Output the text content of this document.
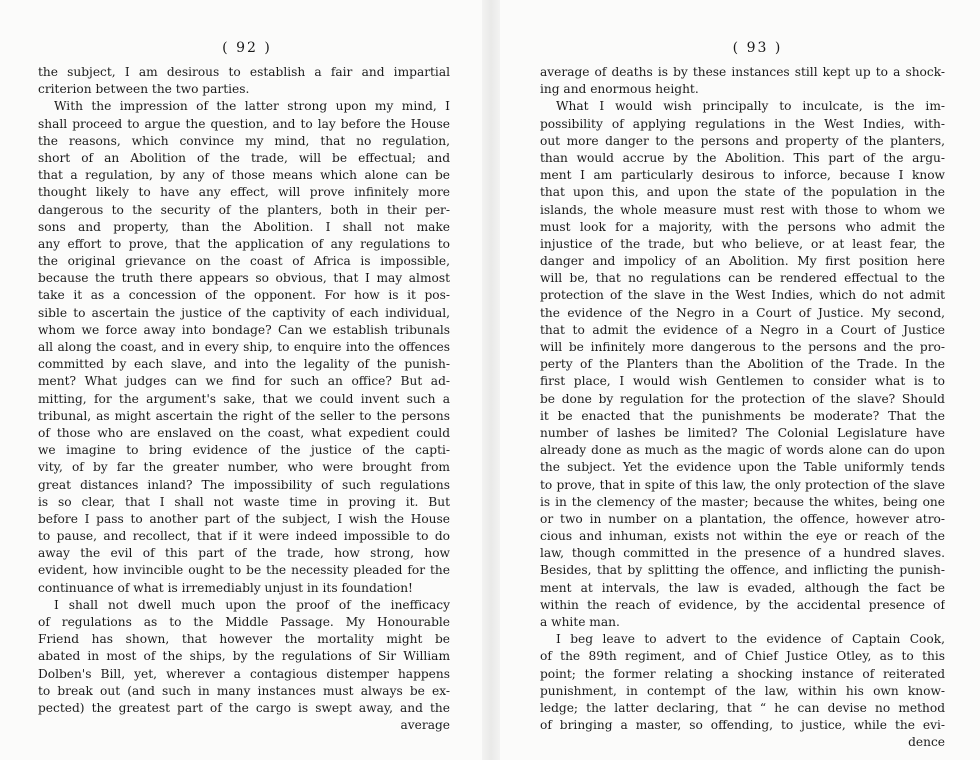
( 92 )
the subject, I am desirous to establish a fair and impartial
criterion between the two parties.
With the impression of the latter strong upon my mind, I
shall proceed to argue the question, and to lay before the House
the reasons, which convince my mind, that no regulation,
short of an Abolition of the trade, will be effectual; and
that a regulation, by any of those means which alone can be
thought likely to have any effect, will prove infinitely more
dangerous to the security of the planters, both in their per-
sons and property, than the Abolition. I shall not make
any effort to prove, that the application of any regulations to
the original grievance on the coast of Africa is impossible,
because the truth there appears so obvious, that I may almost
take it as a concession of the opponent. For how is it pos-
sible to ascertain the justice of the captivity of each individual,
whom we force away into bondage? Can we establish tribunals
all along the coast, and in every ship, to enquire into the offences
committed by each slave, and into the legality of the punish-
ment? What judges can we find for such an office? But ad-
mitting, for the argument's sake, that we could invent such a
tribunal, as might ascertain the right of the seller to the persons
of those who are enslaved on the coast, what expedient could
we imagine to bring evidence of the justice of the capti-
vity, of by far the greater number, who were brought from
great distances inland? The impossibility of such regulations
is so clear, that I shall not waste time in proving it. But
before I pass to another part of the subject, I wish the House
to pause, and recollect, that if it were indeed impossible to do
away the evil of this part of the trade, how strong, how
evident, how invincible ought to be the necessity pleaded for the
continuance of what is irremediably unjust in its foundation!
I shall not dwell much upon the proof of the inefficacy
of regulations as to the Middle Passage. My Honourable
Friend has shown, that however the mortality might be
abated in most of the ships, by the regulations of Sir William
Dolben's Bill, yet, wherever a contagious distemper happens
to break out (and such in many instances must always be ex-
pected) the greatest part of the cargo is swept away, and the
average
( 93 )
average of deaths is by these instances still kept up to a shock-
ing and enormous height.
What I would wish principally to inculcate, is the im-
possibility of applying regulations in the West Indies, with-
out more danger to the persons and property of the planters,
than would accrue by the Abolition. This part of the argu-
ment I am particularly desirous to inforce, because I know
that upon this, and upon the state of the population in the
islands, the whole measure must rest with those to whom we
must look for a majority, with the persons who admit the
injustice of the trade, but who believe, or at least fear, the
danger and impolicy of an Abolition. My first position here
will be, that no regulations can be rendered effectual to the
protection of the slave in the West Indies, which do not admit
the evidence of the Negro in a Court of Justice. My second,
that to admit the evidence of a Negro in a Court of Justice
will be infinitely more dangerous to the persons and the pro-
perty of the Planters than the Abolition of the Trade. In the
first place, I would wish Gentlemen to consider what is to
be done by regulation for the protection of the slave? Should
it be enacted that the punishments be moderate? That the
number of lashes be limited? The Colonial Legislature have
already done as much as the magic of words alone can do upon
the subject. Yet the evidence upon the Table uniformly tends
to prove, that in spite of this law, the only protection of the slave
is in the clemency of the master; because the whites, being one
or two in number on a plantation, the offence, however atro-
cious and inhuman, exists not within the eye or reach of the
law, though committed in the presence of a hundred slaves.
Besides, that by splitting the offence, and inflicting the punish-
ment at intervals, the law is evaded, although the fact be
within the reach of evidence, by the accidental presence of
a white man.
I beg leave to advert to the evidence of Captain Cook,
of the 89th regiment, and of Chief Justice Otley, as to this
point; the former relating a shocking instance of reiterated
punishment, in contempt of the law, within his own know-
ledge; the latter declaring, that “ he can devise no method
of bringing a master, so offending, to justice, while the evi-
dence
